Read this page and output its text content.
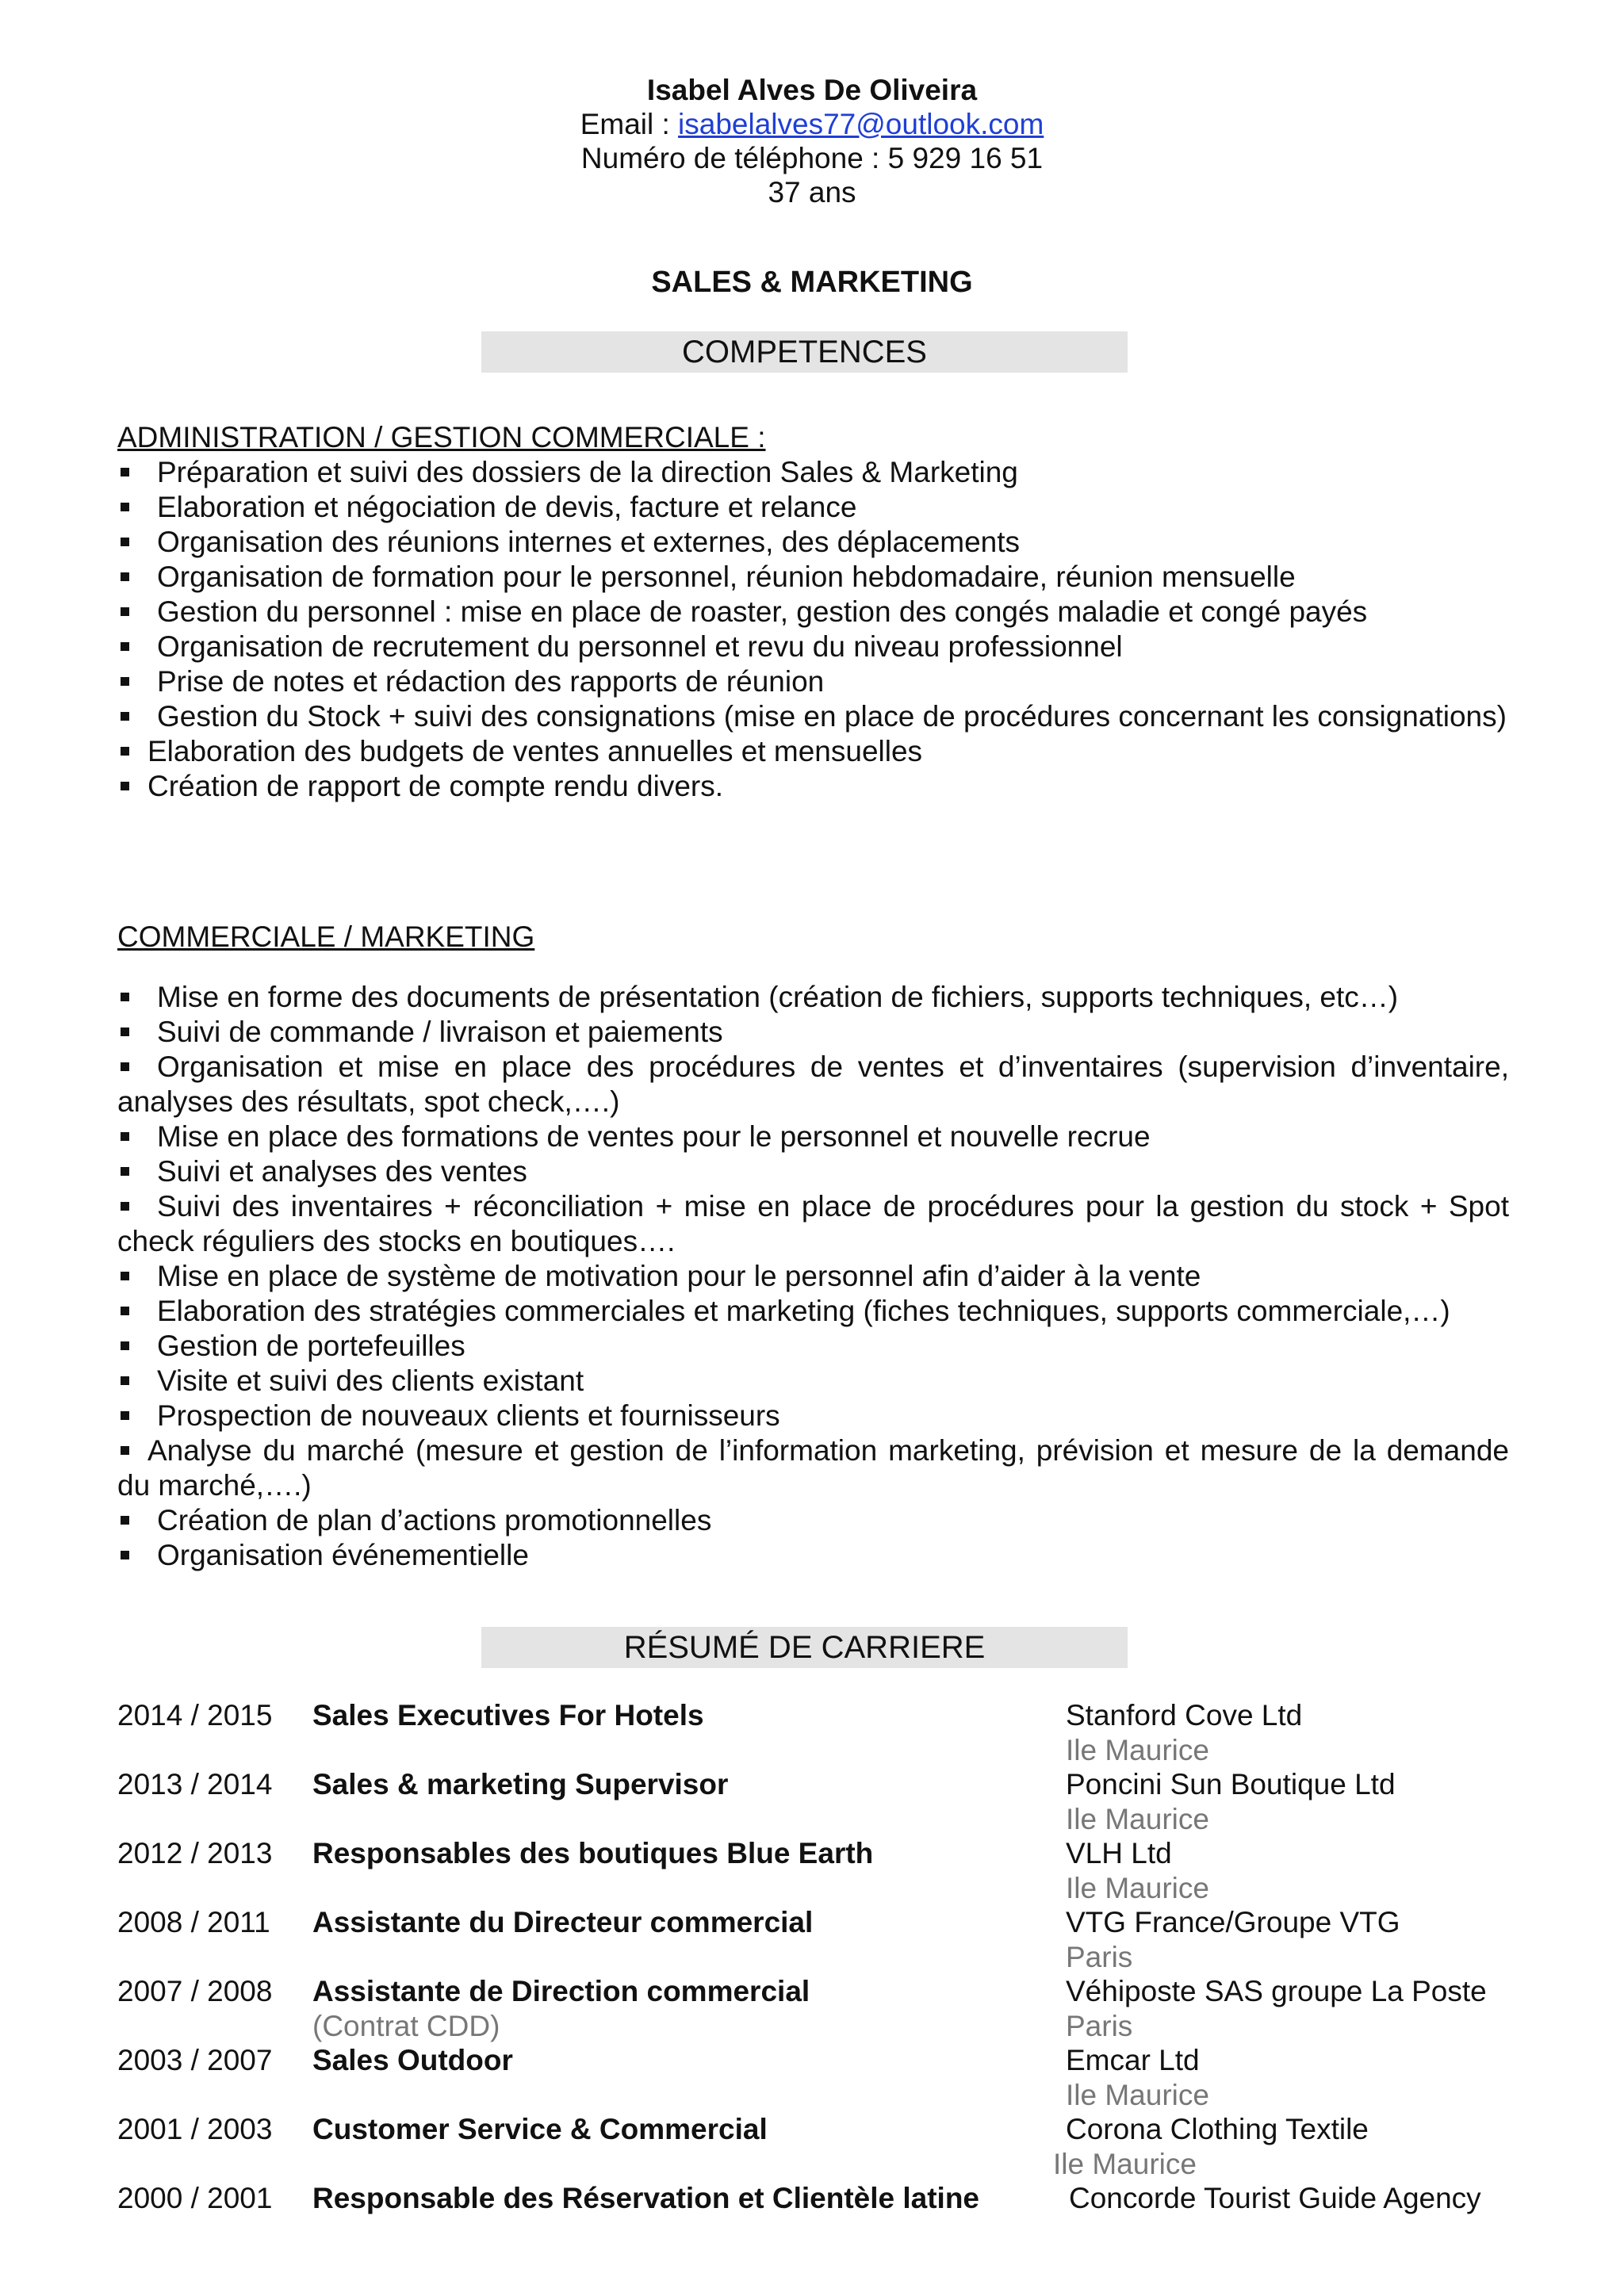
Isabel Alves De Oliveira
Email : isabelalves77@outlook.com
Numéro de téléphone : 5 929 16 51
37 ans
SALES & MARKETING
COMPETENCES
ADMINISTRATION / GESTION COMMERCIALE :
Préparation et suivi des dossiers de la direction Sales & Marketing
Elaboration et négociation de devis, facture et relance
Organisation des réunions internes et externes, des déplacements
Organisation de formation pour le personnel, réunion hebdomadaire, réunion mensuelle
Gestion du personnel : mise en place de roaster, gestion des congés maladie et congé payés
Organisation de recrutement du personnel et revu du niveau professionnel
Prise de notes et rédaction des rapports de réunion
Gestion du Stock + suivi des consignations (mise en place de procédures concernant les consignations)
Elaboration des budgets de ventes annuelles et mensuelles
Création de rapport de compte rendu divers.
COMMERCIALE / MARKETING
Mise en forme des documents de présentation (création de fichiers, supports techniques, etc…)
Suivi de commande / livraison et paiements
Organisation et mise en place des procédures de ventes et d’inventaires (supervision d’inventaire, analyses des résultats, spot check,….)
Mise en place des formations de ventes pour le personnel et nouvelle recrue
Suivi et analyses des ventes
Suivi des inventaires + réconciliation + mise en place de procédures pour la gestion du stock + Spot check réguliers des stocks en boutiques….
Mise en place de système de motivation pour le personnel afin d’aider à la vente
Elaboration des stratégies commerciales et marketing (fiches techniques, supports commerciale,…)
Gestion de portefeuilles
Visite et suivi des clients existant
Prospection de nouveaux clients et fournisseurs
Analyse du marché (mesure et gestion de l’information marketing, prévision et mesure de la demande du marché,….)
Création de plan d’actions promotionnelles
Organisation événementielle
RÉSUMÉ DE CARRIERE
2014 / 2015 Sales Executives For Hotels	Stanford Cove Ltd
Ile Maurice
2013 / 2014 Sales & marketing Supervisor	Poncini Sun Boutique Ltd
Ile Maurice
2012 / 2013 Responsables des boutiques Blue Earth	VLH Ltd
Ile Maurice
2008 / 2011 Assistante du Directeur commercial	VTG France/Groupe VTG
Paris
2007 / 2008 Assistante de Direction commercial
(Contrat CDD)
Véhiposte SAS groupe La Poste
Paris
2003 / 2007 Sales Outdoor	Emcar Ltd
Ile Maurice
2001 / 2003 Customer Service & Commercial	Corona Clothing Textile
Ile Maurice
2000 / 2001 Responsable des Réservation et Clientèle latine	Concorde Tourist Guide Agency
